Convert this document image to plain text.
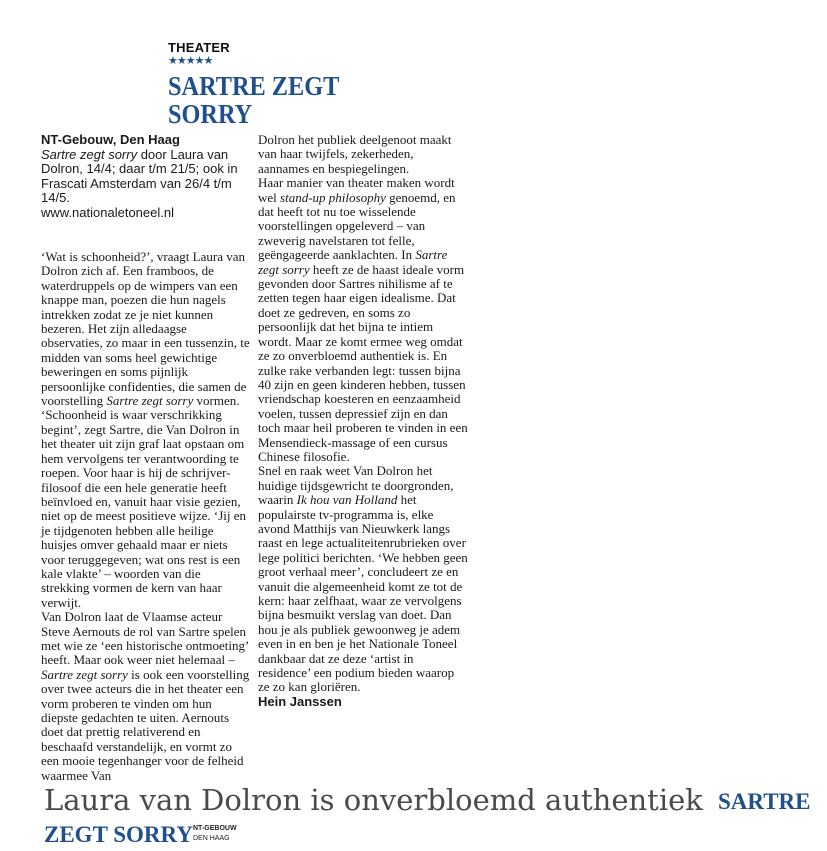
THEATER
★★★★★
SARTRE ZEGT SORRY
NT-Gebouw, Den Haag
Sartre zegt sorry door Laura van Dolron, 14/4; daar t/m 21/5; ook in Frascati Amsterdam van 26/4 t/m 14/5.
www.nationaletoneel.nl

‘Wat is schoonheid?’, vraagt Laura van Dolron zich af. Een framboos, de waterdruppels op de wimpers van een knappe man, poezen die hun nagels intrekken zodat ze je niet kunnen bezeren. Het zijn alledaagse observaties, zo maar in een tussenzin, te midden van soms heel gewichtige beweringen en soms pijnlijk persoonlijke confidenties, die samen de voorstelling Sartre zegt sorry vormen. ‘Schoonheid is waar verschrikking begint’, zegt Sartre, die Van Dolron in het theater uit zijn graf laat opstaan om hem vervolgens ter verantwoording te roepen. Voor haar is hij de schrijver-filosoof die een hele generatie heeft beïnvloed en, vanuit haar visie gezien, niet op de meest positieve wijze. ‘Jij en je tijdgenoten hebben alle heilige huisjes omver gehaald maar er niets voor teruggegeven; wat ons rest is een kale vlakte’ – woorden van die strekking vormen de kern van haar verwijt.

Van Dolron laat de Vlaamse acteur Steve Aernouts de rol van Sartre spelen met wie ze ‘een historische ontmoeting’ heeft. Maar ook weer niet helemaal – Sartre zegt sorry is ook een voorstelling over twee acteurs die in het theater een vorm proberen te vinden om hun diepste gedachten te uiten. Aernouts doet dat prettig relativerend en beschaafd verstandelijk, en vormt zo een mooie tegenhanger voor de felheid waarmee Van

Dolron het publiek deelgenoot maakt van haar twijfels, zekerheden, aannames en bespiegelingen.

Haar manier van theater maken wordt wel stand-up philosophy genoemd, en dat heeft tot nu toe wisselende voorstellingen opgeleverd – van zweverig navelstaren tot felle, geëngageerde aanklachten. In Sartre zegt sorry heeft ze de haast ideale vorm gevonden door Sartres nihilisme af te zetten tegen haar eigen idealisme. Dat doet ze gedreven, en soms zo persoonlijk dat het bijna te intiem wordt. Maar ze komt ermee weg omdat ze zo onverbloemd authentiek is. En zulke rake verbanden legt: tussen bijna 40 zijn en geen kinderen hebben, tussen vriendschap koesteren en eenzaamheid voelen, tussen depressief zijn en dan toch maar heil proberen te vinden in een Mensendieck-massage of een cursus Chinese filosofie.

Snel en raak weet Van Dolron het huidige tijdsgewricht te doorgronden, waarin Ik hou van Holland het populairste tv-programma is, elke avond Matthijs van Nieuwkerk langs raast en lege actualiteitenrubrieken over lege politici berichten. ‘We hebben geen groot verhaal meer’, concludeert ze en vanuit die algemeenheid komt ze tot de kern: haar zelfhaat, waar ze vervolgens bijna besmuikt verslag van doet. Dan hou je als publiek gewoonweg je adem even in en ben je het Nationale Toneel dankbaar dat ze deze ‘artist in residence’ een podium bieden waarop ze zo kan gloriëren.

Hein Janssen

Laura van Dolron is onverbloemd authentiek SARTRE
ZEGT SORRY NT-GEBOUW
DEN HAAG
